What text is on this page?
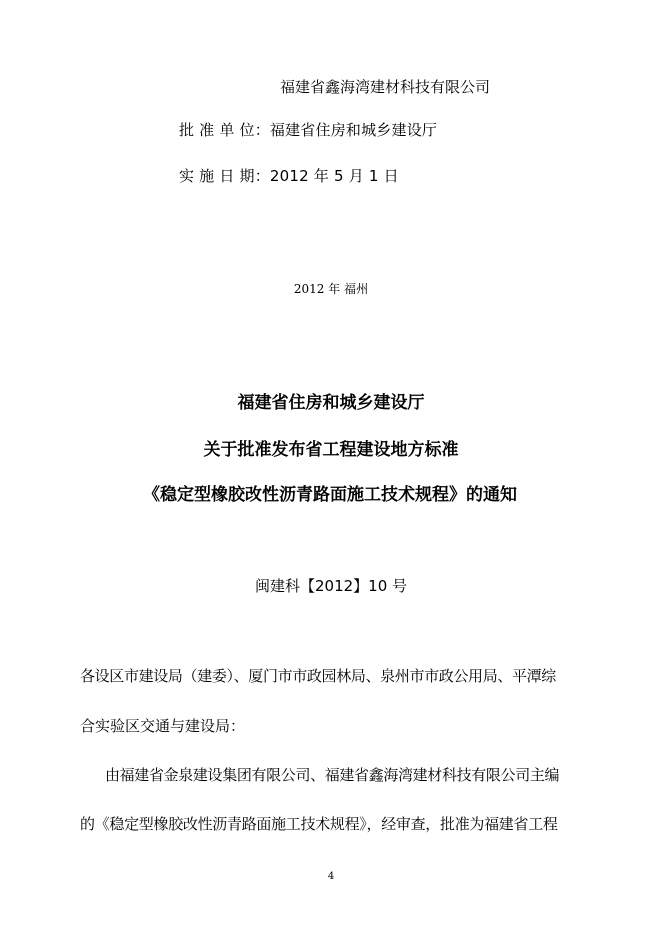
福建省鑫海湾建材科技有限公司
批 准 单 位：福建省住房和城乡建设厅
实 施 日 期：2012 年 5 月 1 日
2012 年 福州
福建省住房和城乡建设厅
关于批准发布省工程建设地方标准
《稳定型橡胶改性沥青路面施工技术规程》的通知
闽建科【2012】10 号
各设区市建设局（建委）、厦门市市政园林局、泉州市市政公用局、平潭综
合实验区交通与建设局：
由福建省金泉建设集团有限公司、福建省鑫海湾建材科技有限公司主编
的《稳定型橡胶改性沥青路面施工技术规程》，经审查，批准为福建省工程
4
